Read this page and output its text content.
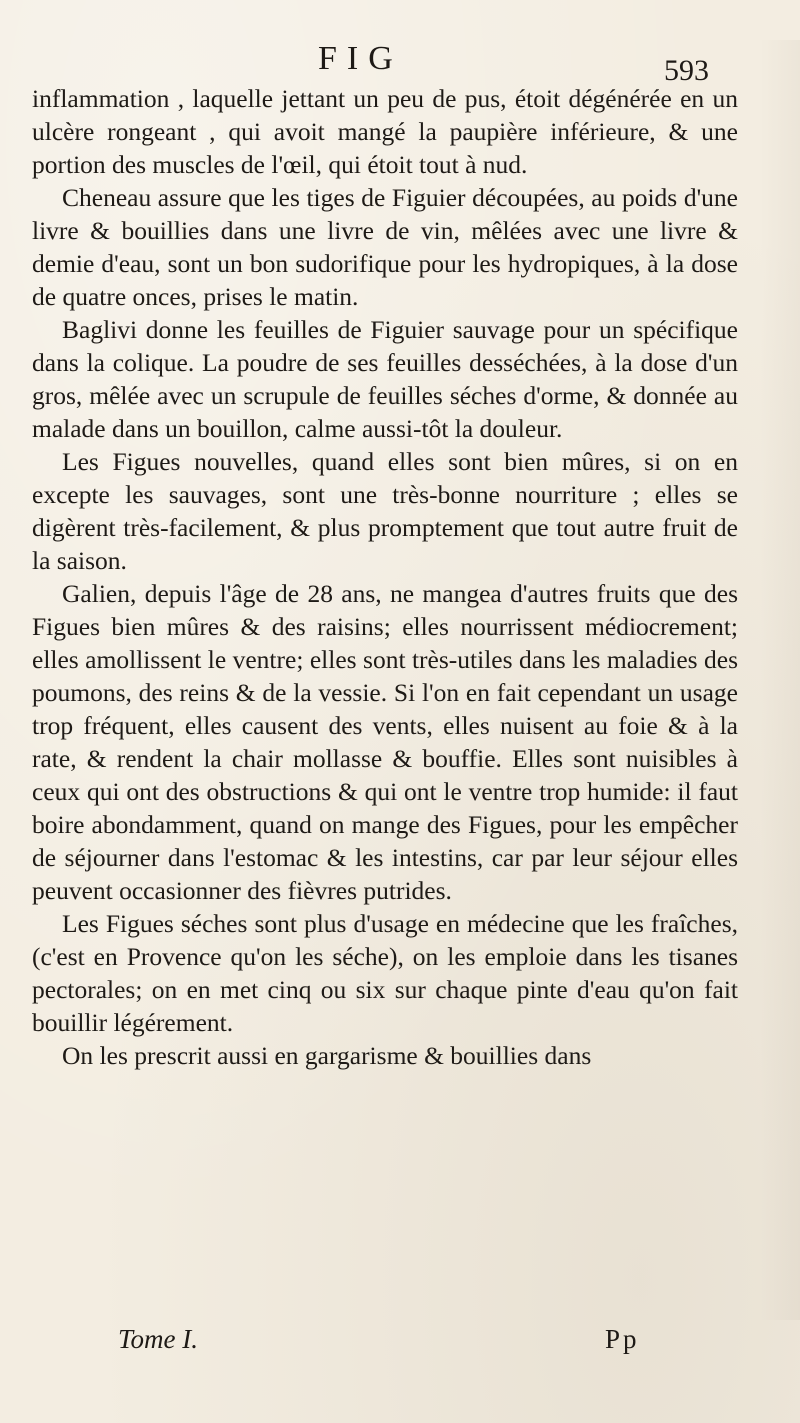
FIG	593

inflammation , laquelle jettant un peu de pus, étoit dégénérée en un ulcère rongeant , qui avoit mangé la paupière inférieure, & une portion des muscles de l'œil, qui étoit tout à nud.

Cheneau assure que les tiges de Figuier découpées, au poids d'une livre & bouillies dans une livre de vin, mêlées avec une livre & demie d'eau, sont un bon sudorifique pour les hydropiques, à la dose de quatre onces, prises le matin.

Baglivi donne les feuilles de Figuier sauvage pour un spécifique dans la colique. La poudre de ses feuilles desséchées, à la dose d'un gros, mêlée avec un scrupule de feuilles séches d'orme, & donnée au malade dans un bouillon, calme aussi-tôt la douleur.

Les Figues nouvelles, quand elles sont bien mûres, si on en excepte les sauvages, sont une très-bonne nourriture ; elles se digèrent très-facilement, & plus promptement que tout autre fruit de la saison.

Galien, depuis l'âge de 28 ans, ne mangea d'autres fruits que des Figues bien mûres & des raisins; elles nourrissent médiocrement; elles amollissent le ventre; elles sont très-utiles dans les maladies des poumons, des reins & de la vessie. Si l'on en fait cependant un usage trop fréquent, elles causent des vents, elles nuisent au foie & à la rate, & rendent la chair mollasse & bouffie. Elles sont nuisibles à ceux qui ont des obstructions & qui ont le ventre trop humide: il faut boire abondamment, quand on mange des Figues, pour les empêcher de séjourner dans l'estomac & les intestins, car par leur séjour elles peuvent occasionner des fièvres putrides.

Les Figues séches sont plus d'usage en médecine que les fraîches, (c'est en Provence qu'on les séche), on les emploie dans les tisanes pectorales; on en met cinq ou six sur chaque pinte d'eau qu'on fait bouillir légérement.

On les prescrit aussi en gargarisme & bouillies dans

Tome I.	Pp
